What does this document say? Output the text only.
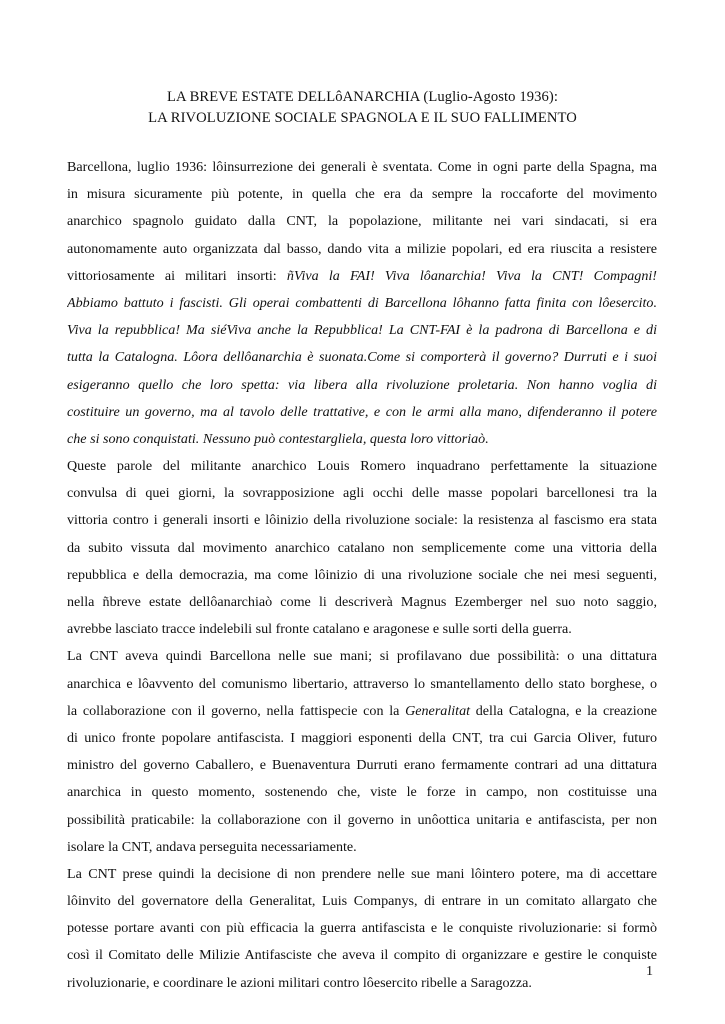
LA BREVE ESTATE DELLôANARCHIA (Luglio-Agosto 1936):
LA RIVOLUZIONE SOCIALE SPAGNOLA E IL SUO FALLIMENTO
Barcellona, luglio 1936: lôinsurrezione dei generali è sventata. Come in ogni parte della Spagna, ma
in misura sicuramente più potente, in quella che era da sempre la roccaforte del movimento
anarchico spagnolo guidato dalla CNT, la popolazione, militante nei vari sindacati, si era
autonomamente auto organizzata dal basso, dando vita a milizie popolari, ed era riuscita a resistere
vittoriosamente ai militari insorti: ñViva la FAI! Viva lôanarchia! Viva la CNT! Compagni!
Abbiamo battuto i fascisti. Gli operai combattenti di Barcellona lôhanno fatta finita con lôesercito.
Viva la repubblica! Ma siéViva anche la Repubblica! La CNT-FAI è la padrona di Barcellona e di
tutta la Catalogna. Lôora dellôanarchia è suonata.Come si comporterà il governo? Durruti e i suoi
esigeranno quello che loro spetta: via libera alla rivoluzione proletaria. Non hanno voglia di
costituire un governo, ma al tavolo delle trattative, e con le armi alla mano, difenderanno il potere
che si sono conquistati. Nessuno può contestargliela, questa loro vittoriaò.
Queste parole del militante anarchico Louis Romero inquadrano perfettamente la situazione
convulsa di quei giorni, la sovrapposizione agli occhi delle masse popolari barcellonesi tra la
vittoria contro i generali insorti e lôinizio della rivoluzione sociale: la resistenza al fascismo era stata
da subito vissuta dal movimento anarchico catalano non semplicemente come una vittoria della
repubblica e della democrazia, ma come lôinizio di una rivoluzione sociale che nei mesi seguenti,
nella ñbreve estate dellôanarchiaò come li descriverà Magnus Ezemberger nel suo noto saggio,
avrebbe lasciato tracce indelebili sul fronte catalano e aragonese e sulle sorti della guerra.
La CNT aveva quindi Barcellona nelle sue mani; si profilavano due possibilità: o una dittatura
anarchica e lôavvento del comunismo libertario, attraverso lo smantellamento dello stato borghese, o
la collaborazione con il governo, nella fattispecie con la Generalitat della Catalogna, e la creazione
di unico fronte popolare antifascista. I maggiori esponenti della CNT, tra cui Garcia Oliver, futuro
ministro del governo Caballero, e Buenaventura Durruti erano fermamente contrari ad una dittatura
anarchica in questo momento, sostenendo che, viste le forze in campo, non costituisse una
possibilità praticabile: la collaborazione con il governo in unôottica unitaria e antifascista, per non
isolare la CNT, andava perseguita necessariamente.
La CNT prese quindi la decisione di non prendere nelle sue mani lôintero potere, ma di accettare
lôinvito del governatore della Generalitat, Luis Companys, di entrare in un comitato allargato che
potesse portare avanti con più efficacia la guerra antifascista e le conquiste rivoluzionarie: si formò
così il Comitato delle Milizie Antifasciste che aveva il compito di organizzare e gestire le conquiste
rivoluzionarie, e coordinare le azioni militari contro lôesercito ribelle a Saragozza.
1
